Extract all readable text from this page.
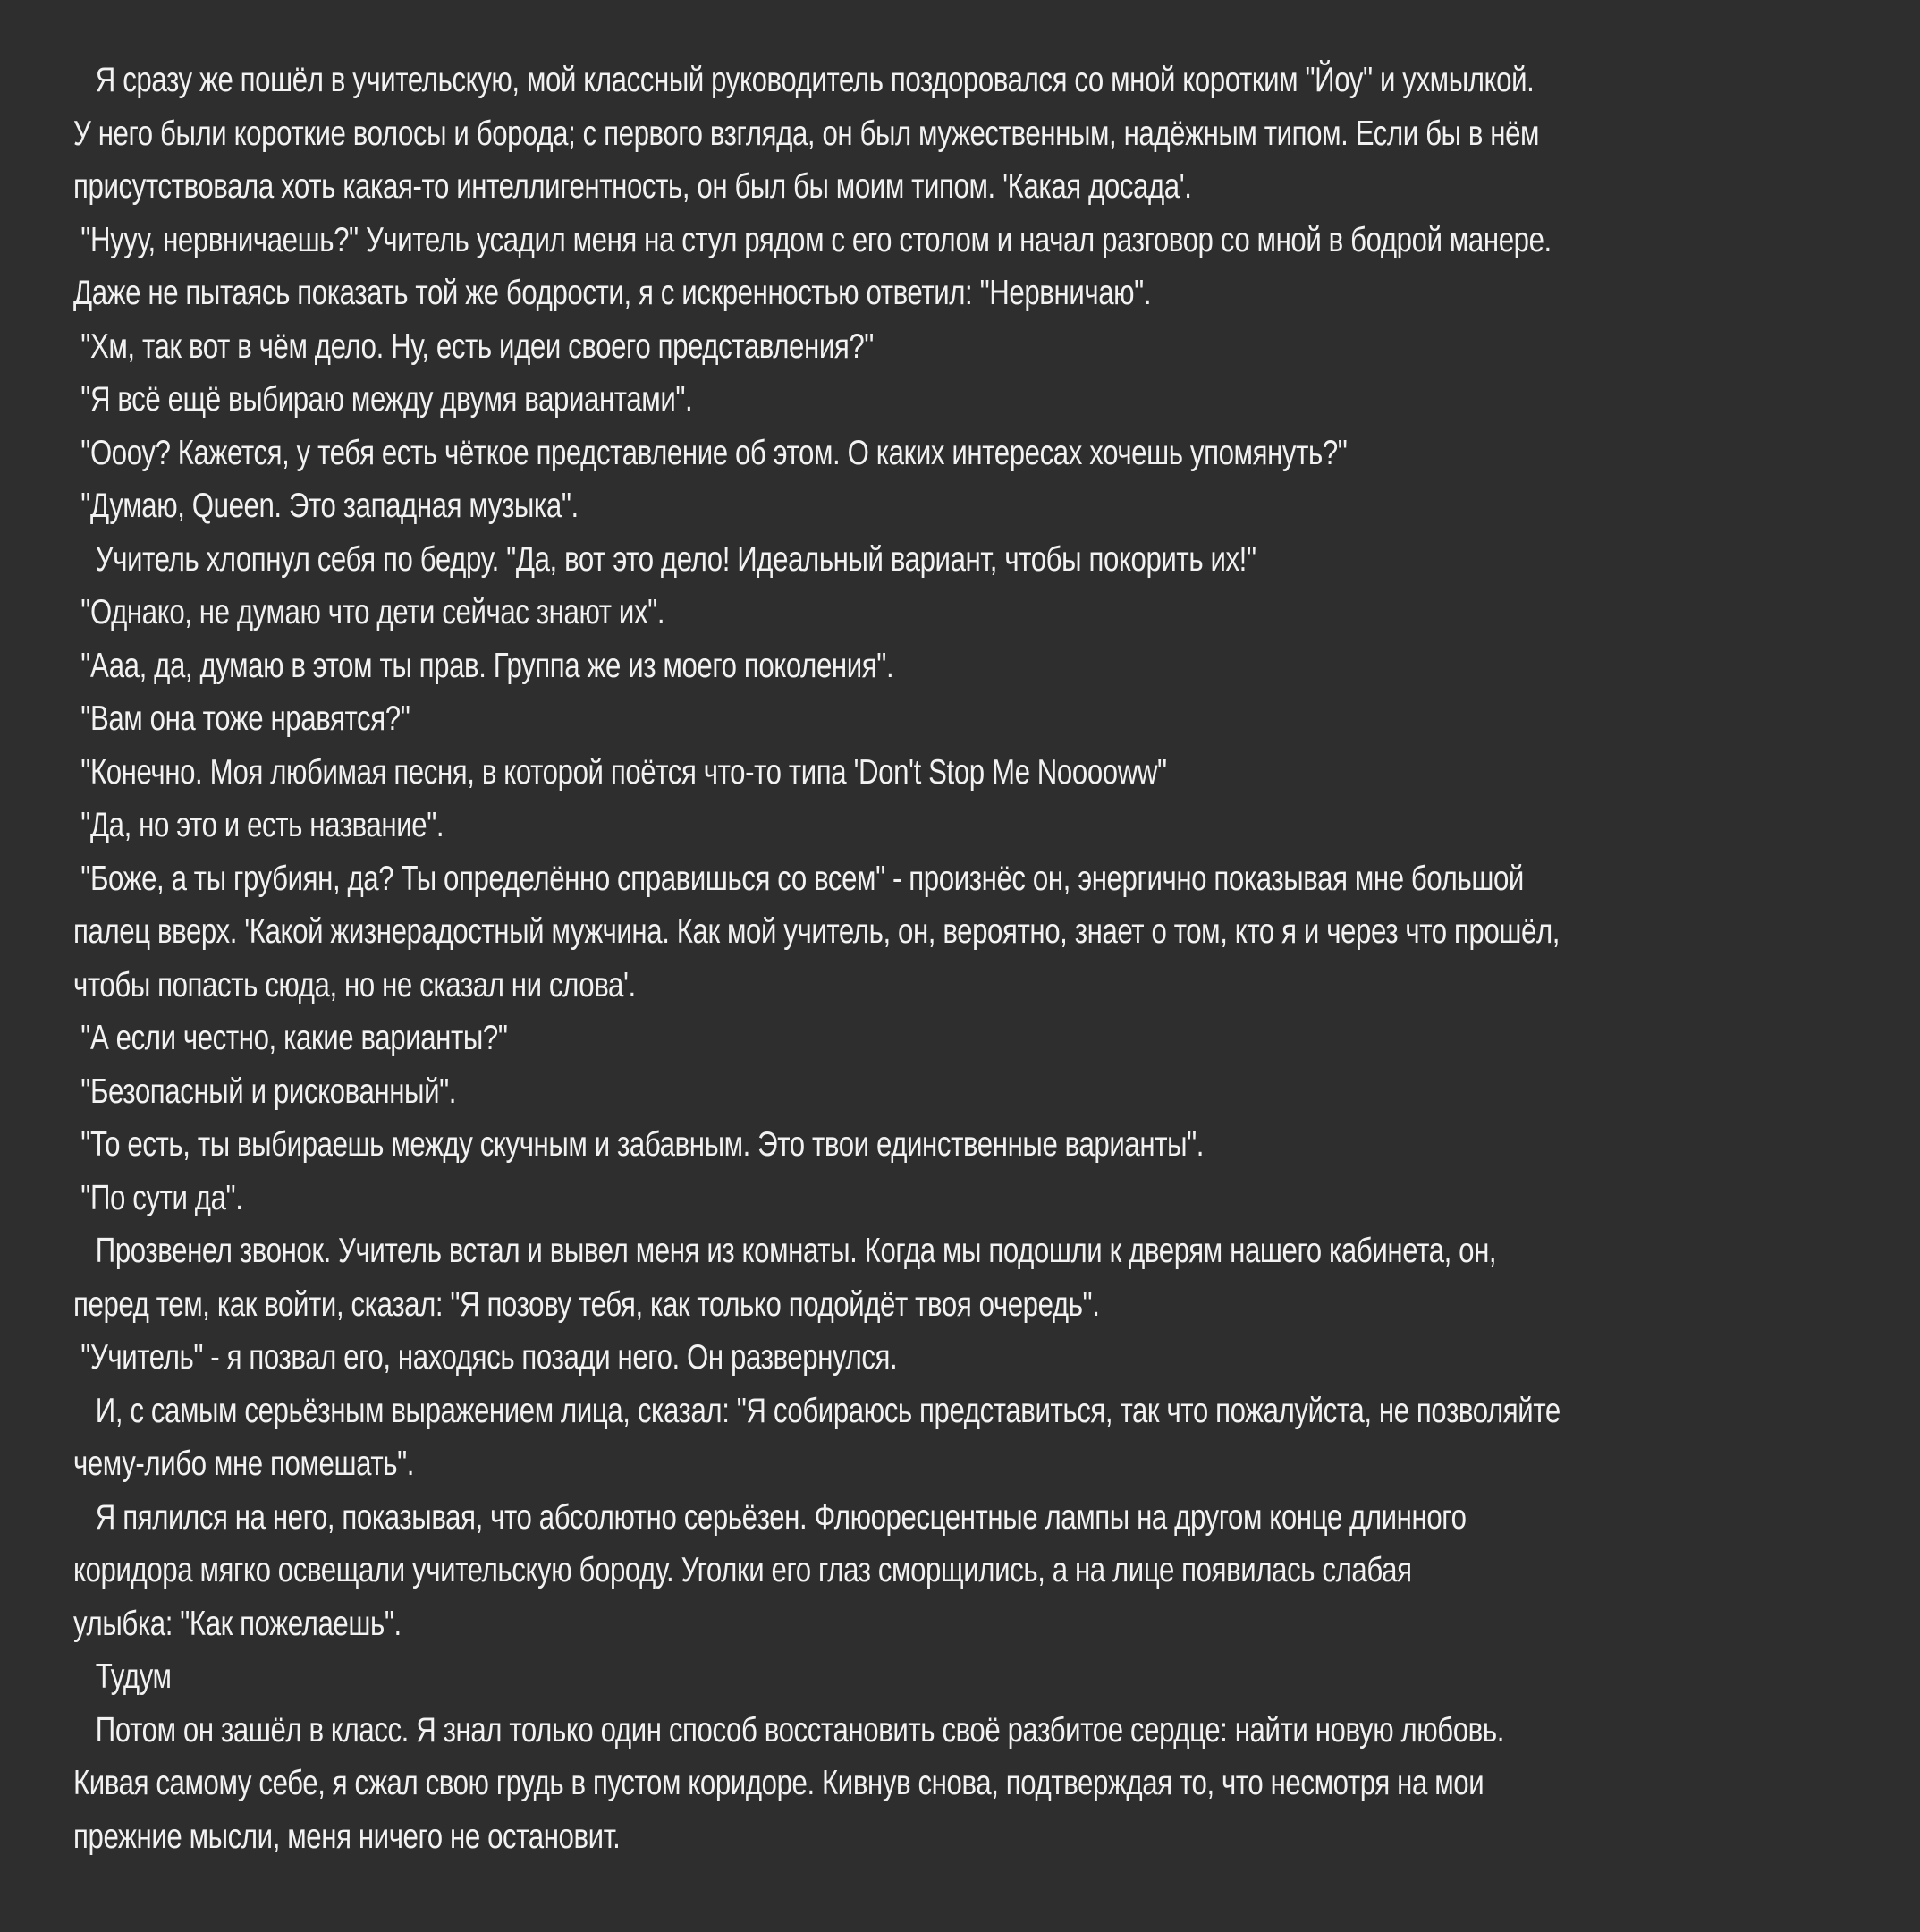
Я сразу же пошёл в учительскую, мой классный руководитель поздоровался со мной коротким "Йоу" и ухмылкой.
У него были короткие волосы и борода; с первого взгляда, он был мужественным, надёжным типом. Если бы в нём
присутствовала хоть какая-то интеллигентность, он был бы моим типом. 'Какая досада'.
"Нууу, нервничаешь?" Учитель усадил меня на стул рядом с его столом и начал разговор со мной в бодрой манере.
Даже не пытаясь показать той же бодрости, я с искренностью ответил: "Нервничаю".
"Хм, так вот в чём дело. Ну, есть идеи своего представления?"
"Я всё ещё выбираю между двумя вариантами".
"Оооу? Кажется, у тебя есть чёткое представление об этом. О каких интересах хочешь упомянуть?"
"Думаю, Queen. Это западная музыка".
Учитель хлопнул себя по бедру. "Да, вот это дело! Идеальный вариант, чтобы покорить их!"
"Однако, не думаю что дети сейчас знают их".
"Ааа, да, думаю в этом ты прав. Группа же из моего поколения".
"Вам она тоже нравятся?"
"Конечно. Моя любимая песня, в которой поётся что-то типа 'Don't Stop Me Nooooww"
"Да, но это и есть название".
"Боже, а ты грубиян, да? Ты определённо справишься со всем" - произнёс он, энергично показывая мне большой
палец вверх. 'Какой жизнерадостный мужчина. Как мой учитель, он, вероятно, знает о том, кто я и через что прошёл,
чтобы попасть сюда, но не сказал ни слова'.
"А если честно, какие варианты?"
"Безопасный и рискованный".
"То есть, ты выбираешь между скучным и забавным. Это твои единственные варианты".
"По сути да".
Прозвенел звонок. Учитель встал и вывел меня из комнаты. Когда мы подошли к дверям нашего кабинета, он,
перед тем, как войти, сказал: "Я позову тебя, как только подойдёт твоя очередь".
"Учитель" - я позвал его, находясь позади него. Он развернулся.
И, с самым серьёзным выражением лица, сказал: "Я собираюсь представиться, так что пожалуйста, не позволяйте
чему-либо мне помешать".
Я пялился на него, показывая, что абсолютно серьёзен. Флюоресцентные лампы на другом конце длинного
коридора мягко освещали учительскую бороду. Уголки его глаз сморщились, а на лице появилась слабая
улыбка: "Как пожелаешь".
Тудум
Потом он зашёл в класс. Я знал только один способ восстановить своё разбитое сердце: найти новую любовь.
Кивая самому себе, я сжал свою грудь в пустом коридоре. Кивнув снова, подтверждая то, что несмотря на мои
прежние мысли, меня ничего не остановит.
